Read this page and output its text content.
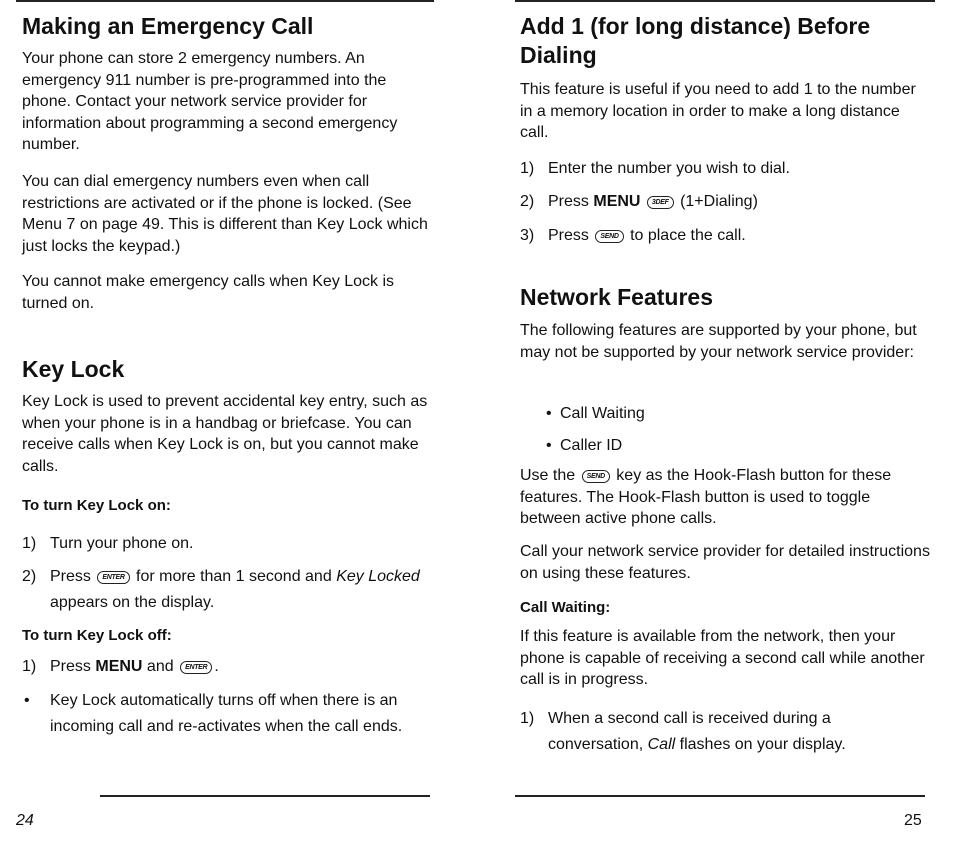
Making an Emergency Call

Your phone can store 2 emergency numbers. An emergency 911 number is pre-programmed into the phone. Contact your network service provider for information about programming a second emergency number.

You can dial emergency numbers even when call restrictions are activated or if the phone is locked. (See Menu 7 on page 49. This is different than Key Lock which just locks the keypad.)

You cannot make emergency calls when Key Lock is turned on.

Key Lock

Key Lock is used to prevent accidental key entry, such as when your phone is in a handbag or briefcase. You can receive calls when Key Lock is on, but you cannot make calls.

To turn Key Lock on:
1) Turn your phone on.
2) Press ENTER for more than 1 second and Key Locked appears on the display.
To turn Key Lock off:
1) Press MENU and ENTER .
• Key Lock automatically turns off when there is an incoming call and re-activates when the call ends.
Add 1 (for long distance) Before
Dialing

This feature is useful if you need to add 1 to the number in a memory location in order to make a long distance call.

1) Enter the number you wish to dial.
2) Press MENU 3DEF (1+Dialing)
3) Press SEND to place the call.
Network Features

The following features are supported by your phone, but may not be supported by your network service provider:

• Call Waiting
• Caller ID

Use the SEND key as the Hook-Flash button for these features. The Hook-Flash button is used to toggle between active phone calls.

Call your network service provider for detailed instructions on using these features.

Call Waiting:

If this feature is available from the network, then your phone is capable of receiving a second call while another call is in progress.

1) When a second call is received during a conversation, Call flashes on your display.
24	25
